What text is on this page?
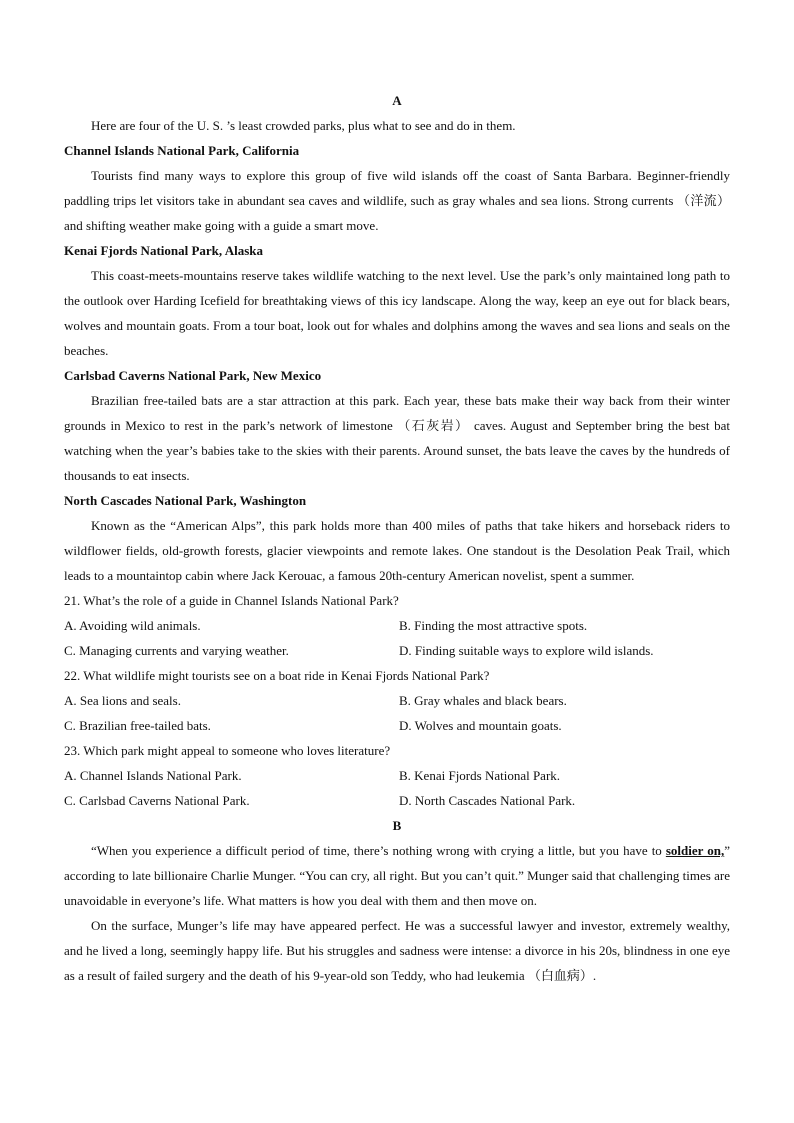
A

Here are four of the U. S. ’s least crowded parks, plus what to see and do in them.

Channel Islands National Park, California

Tourists find many ways to explore this group of five wild islands off the coast of Santa Barbara. Beginner-friendly paddling trips let visitors take in abundant sea caves and wildlife, such as gray whales and sea lions. Strong currents （洋流） and shifting weather make going with a guide a smart move.

Kenai Fjords National Park, Alaska

This coast-meets-mountains reserve takes wildlife watching to the next level. Use the park’s only maintained long path to the outlook over Harding Icefield for breathtaking views of this icy landscape. Along the way, keep an eye out for black bears, wolves and mountain goats. From a tour boat, look out for whales and dolphins among the waves and sea lions and seals on the beaches.

Carlsbad Caverns National Park, New Mexico

Brazilian free-tailed bats are a star attraction at this park. Each year, these bats make their way back from their winter grounds in Mexico to rest in the park’s network of limestone （石灰岩） caves. August and September bring the best bat watching when the year’s babies take to the skies with their parents. Around sunset, the bats leave the caves by the hundreds of thousands to eat insects.

North Cascades National Park, Washington

Known as the “American Alps”, this park holds more than 400 miles of paths that take hikers and horseback riders to wildflower fields, old-growth forests, glacier viewpoints and remote lakes. One standout is the Desolation Peak Trail, which leads to a mountaintop cabin where Jack Kerouac, a famous 20th-century American novelist, spent a summer.

21. What’s the role of a guide in Channel Islands National Park?

A. Avoiding wild animals.	B. Finding the most attractive spots.
C. Managing currents and varying weather.	D. Finding suitable ways to explore wild islands.

22. What wildlife might tourists see on a boat ride in Kenai Fjords National Park?

A. Sea lions and seals.	B. Gray whales and black bears.
C. Brazilian free-tailed bats.	D. Wolves and mountain goats.

23. Which park might appeal to someone who loves literature?

A. Channel Islands National Park.	B. Kenai Fjords National Park.
C. Carlsbad Caverns National Park.	D. North Cascades National Park.

B

“When you experience a difficult period of time, there’s nothing wrong with crying a little, but you have to soldier on,” according to late billionaire Charlie Munger. “You can cry, all right. But you can’t quit.” Munger said that challenging times are unavoidable in everyone’s life. What matters is how you deal with them and then move on.

On the surface, Munger’s life may have appeared perfect. He was a successful lawyer and investor, extremely wealthy, and he lived a long, seemingly happy life. But his struggles and sadness were intense: a divorce in his 20s, blindness in one eye as a result of failed surgery and the death of his 9-year-old son Teddy, who had leukemia （白血病）.
